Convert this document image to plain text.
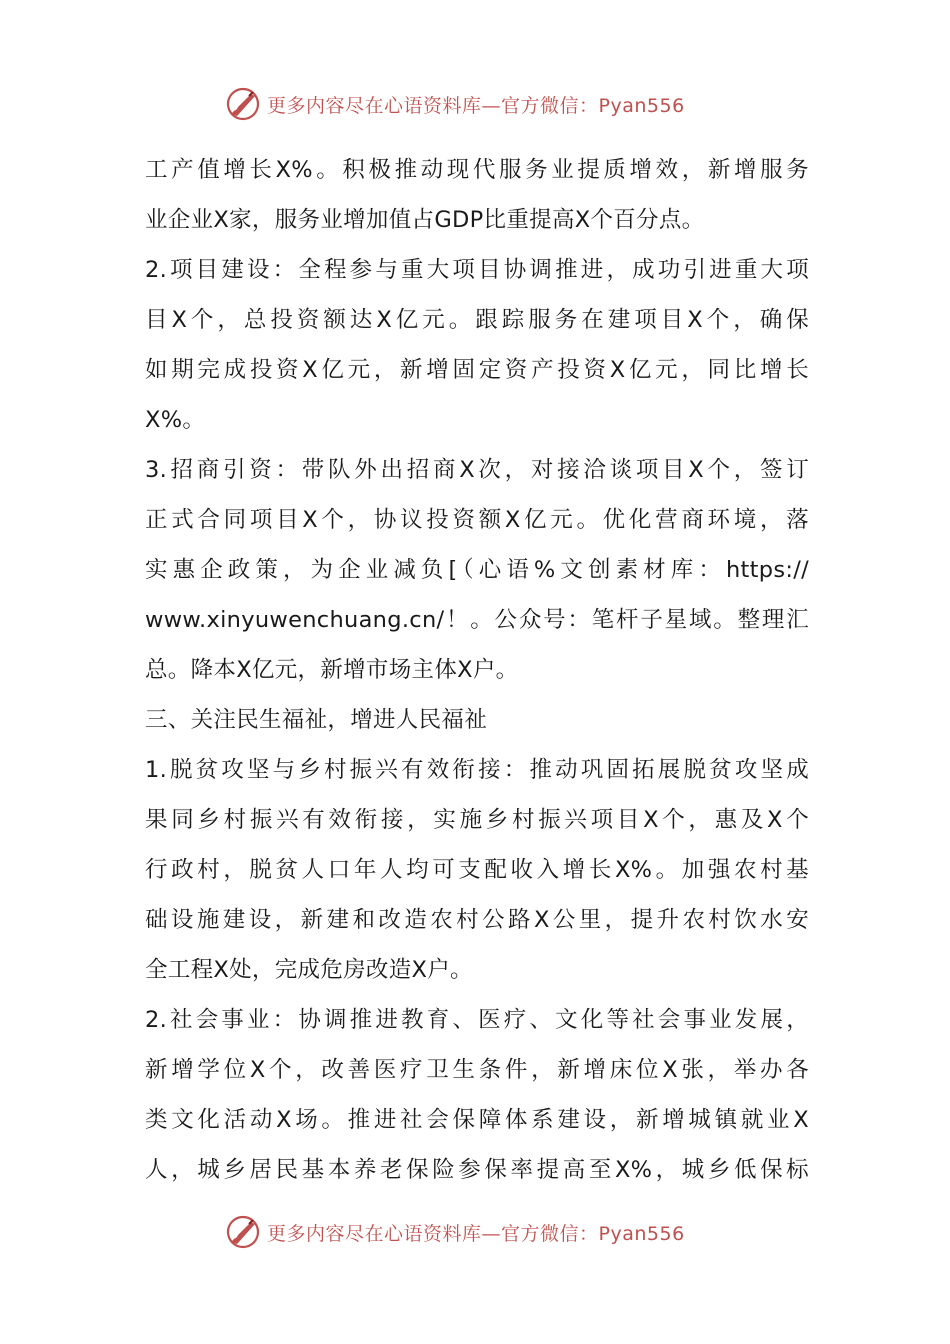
更多内容尽在心语资料库—官方微信：Pyan556
工产值增长X%。积极推动现代服务业提质增效，新增服务
业企业X家，服务业增加值占GDP比重提高X个百分点。
2.项目建设：全程参与重大项目协调推进，成功引进重大项
目X个，总投资额达X亿元。跟踪服务在建项目X个，确保
如期完成投资X亿元，新增固定资产投资X亿元，同比增长
X%。
3.招商引资：带队外出招商X次，对接洽谈项目X个，签订
正式合同项目X个，协议投资额X亿元。优化营商环境，落
实惠企政策，为企业减负[（心语%文创素材库：https://
www.xinyuwenchuang.cn/！。公众号：笔杆子星域。整理汇
总。降本X亿元，新增市场主体X户。
三、关注民生福祉，增进人民福祉
1.脱贫攻坚与乡村振兴有效衔接：推动巩固拓展脱贫攻坚成
果同乡村振兴有效衔接，实施乡村振兴项目X个，惠及X个
行政村，脱贫人口年人均可支配收入增长X%。加强农村基
础设施建设，新建和改造农村公路X公里，提升农村饮水安
全工程X处，完成危房改造X户。
2.社会事业：协调推进教育、医疗、文化等社会事业发展，
新增学位X个，改善医疗卫生条件，新增床位X张，举办各
类文化活动X场。推进社会保障体系建设，新增城镇就业X
人，城乡居民基本养老保险参保率提高至X%，城乡低保标
更多内容尽在心语资料库—官方微信：Pyan556
